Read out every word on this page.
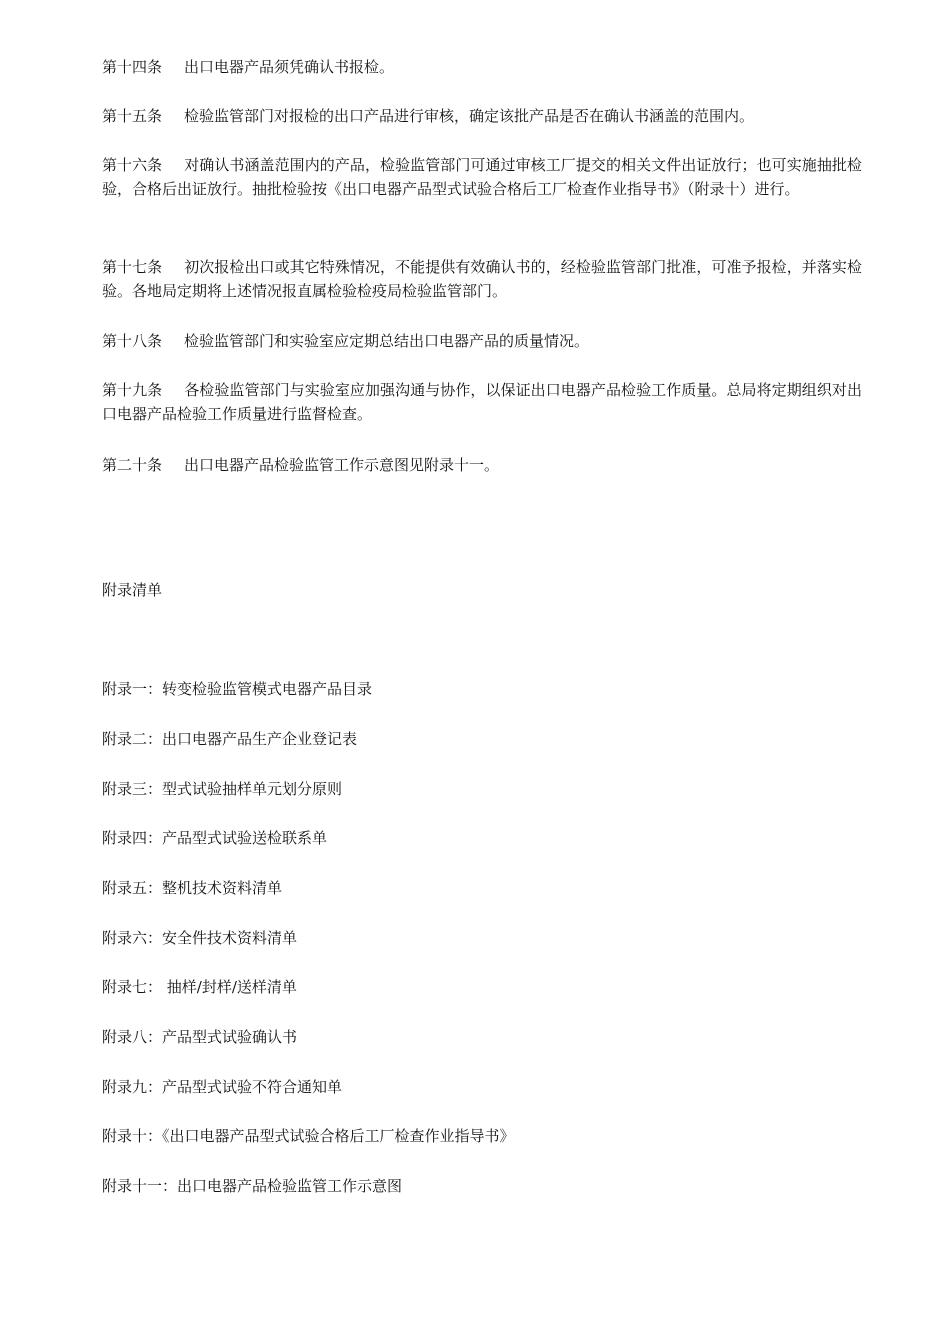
第十四条 出口电器产品须凭确认书报检。

第十五条 检验监管部门对报检的出口产品进行审核，确定该批产品是否在确认书涵盖的范围内。

第十六条 对确认书涵盖范围内的产品，检验监管部门可通过审核工厂提交的相关文件出证放行；也可实施抽批检验，合格后出证放行。抽批检验按《出口电器产品型式试验合格后工厂检查作业指导书》（附录十）进行。

第十七条 初次报检出口或其它特殊情况，不能提供有效确认书的，经检验监管部门批准，可准予报检，并落实检验。各地局定期将上述情况报直属检验检疫局检验监管部门。

第十八条 检验监管部门和实验室应定期总结出口电器产品的质量情况。

第十九条 各检验监管部门与实验室应加强沟通与协作，以保证出口电器产品检验工作质量。总局将定期组织对出口电器产品检验工作质量进行监督检查。

第二十条 出口电器产品检验监管工作示意图见附录十一。

附录清单

附录一：转变检验监管模式电器产品目录

附录二：出口电器产品生产企业登记表

附录三：型式试验抽样单元划分原则

附录四：产品型式试验送检联系单

附录五：整机技术资料清单

附录六：安全件技术资料清单

附录七： 抽样/封样/送样清单

附录八：产品型式试验确认书

附录九：产品型式试验不符合通知单

附录十：《出口电器产品型式试验合格后工厂检查作业指导书》

附录十一：出口电器产品检验监管工作示意图
